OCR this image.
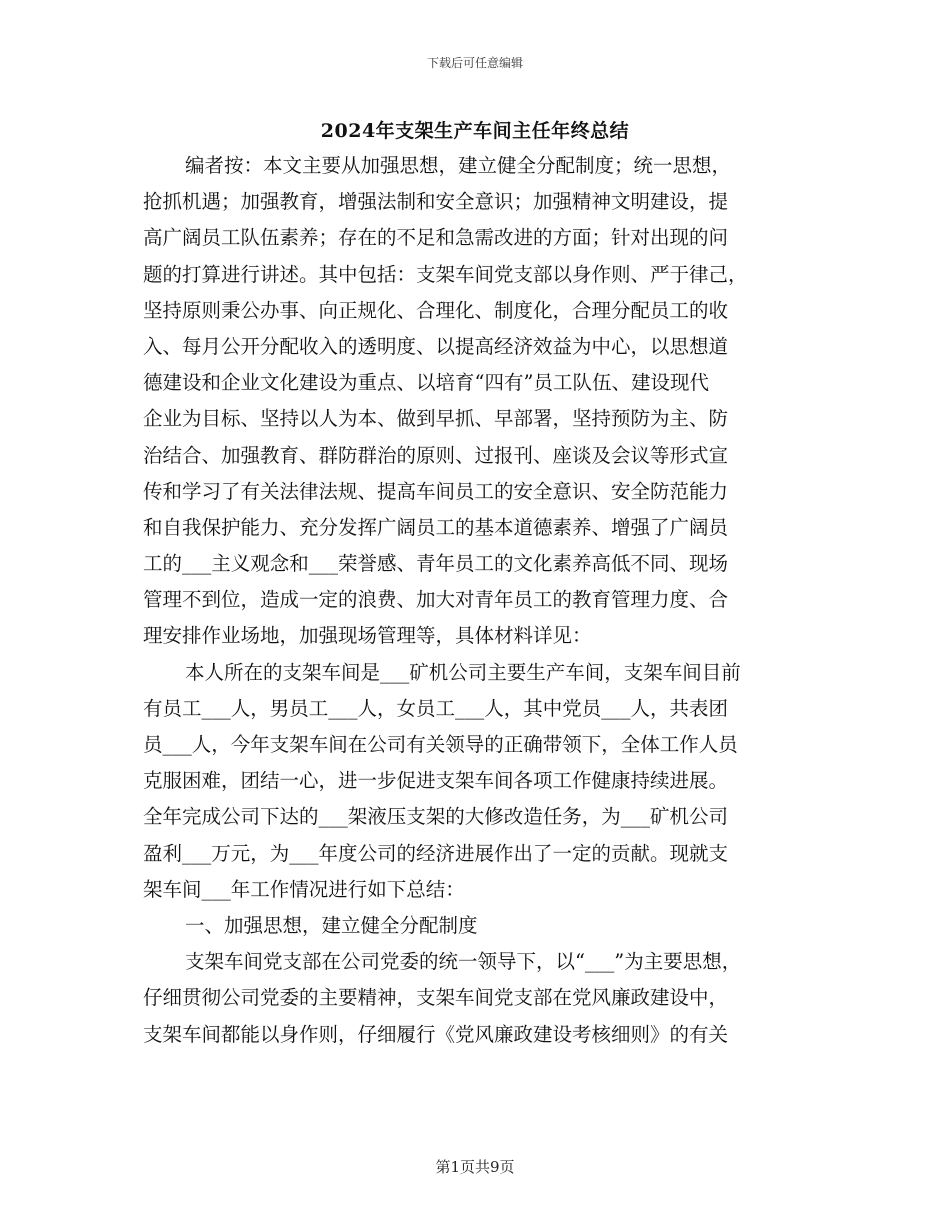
下载后可任意编辑
2024年支架生产车间主任年终总结
编者按：本文主要从加强思想，建立健全分配制度；统一思想，
抢抓机遇；加强教育，增强法制和安全意识；加强精神文明建设，提
高广阔员工队伍素养；存在的不足和急需改进的方面；针对出现的问
题的打算进行讲述。其中包括：支架车间党支部以身作则、严于律己，
坚持原则秉公办事、向正规化、合理化、制度化，合理分配员工的收
入、每月公开分配收入的透明度、以提高经济效益为中心，以思想道
德建设和企业文化建设为重点、以培育“四有”员工队伍、建设现代
企业为目标、坚持以人为本、做到早抓、早部署，坚持预防为主、防
治结合、加强教育、群防群治的原则、过报刊、座谈及会议等形式宣
传和学习了有关法律法规、提高车间员工的安全意识、安全防范能力
和自我保护能力、充分发挥广阔员工的基本道德素养、增强了广阔员
工的___主义观念和___荣誉感、青年员工的文化素养高低不同、现场
管理不到位，造成一定的浪费、加大对青年员工的教育管理力度、合
理安排作业场地，加强现场管理等，具体材料详见：
本人所在的支架车间是___矿机公司主要生产车间，支架车间目前
有员工___人，男员工___人，女员工___人，其中党员___人，共表团
员___人，今年支架车间在公司有关领导的正确带领下，全体工作人员
克服困难，团结一心，进一步促进支架车间各项工作健康持续进展。
全年完成公司下达的___架液压支架的大修改造任务，为___矿机公司
盈利___万元，为___年度公司的经济进展作出了一定的贡献。现就支
架车间___年工作情况进行如下总结：
一、加强思想，建立健全分配制度
支架车间党支部在公司党委的统一领导下，以“___”为主要思想，
仔细贯彻公司党委的主要精神，支架车间党支部在党风廉政建设中，
支架车间都能以身作则，仔细履行《党风廉政建设考核细则》的有关
第1页共9页
